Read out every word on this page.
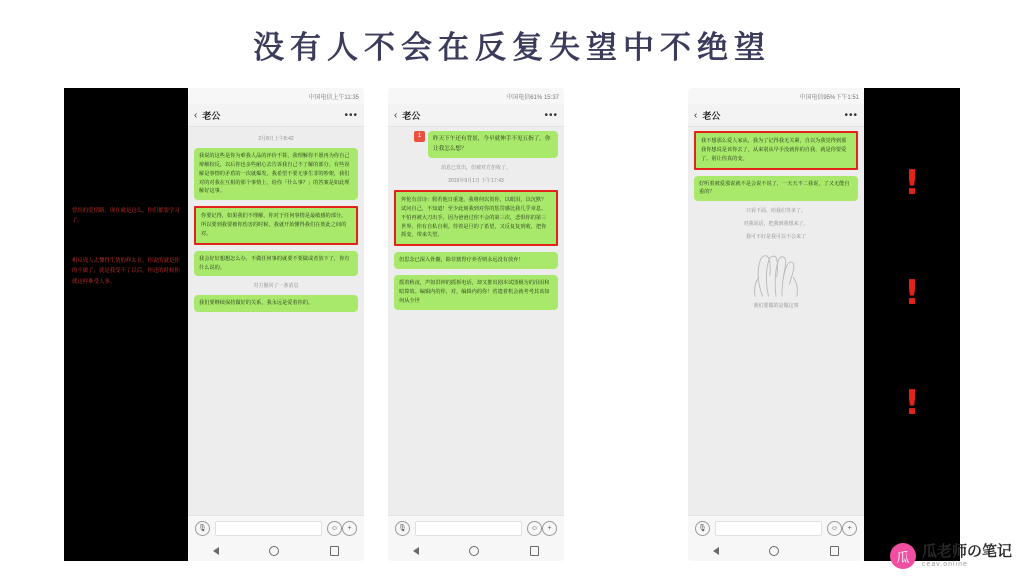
没有人不会在反复失望中不绝望
曾经的爱情路，现在就是这么，你们都要学习了。
相反成人太懂得生情的样太在，你说的就是你的不做了，就是我受不了以后，你还的时候你就这样难受人事。
中国电信上午11:35
‹ 老公	•••
2月8日上午8:42
我说的这些是你为难我人品的评价不算，我理解你不愿再为你自己辩解校反，以后你也多些耐心去告诉我自己不了解的部分。有些误解是事情的矛盾的一次就爆发，我希望不要无事生非的吵架，我们对的对我在互相的那个事情上，给你「什么事？」的答案是如此理解好这事。
你要记得，如果我们不理解，你对于任何事情是最敏感的部分，所以要到我要被你伤害的时候，我就开始懂得我们在彼此之间的对。
我会好好想想怎么办，不做任何事的就要不要做或者放下了，你有什么说的。
对方撤回了一条消息
我们要继续保持做好的关系，我永远是爱着你的。
🎙	☺	+
中国电信61% 15:37
‹ 老公	•••
1	昨天下午还有背景，今早就伸手不见五指了。你让我怎么想？
消息已发出，但被对方拒收了。
2019年9月1日 下午17:43
舛伦有首诗：假若他日重逢，我将何以贺你，以眼泪，以沉默？试问自己，不知道！至少此刻我到对你的惩罚感比我几乎章息，不怕再被大刀出手，因为爸爸过你不会的第三次，悲惧你的第三世界、你有自私自利。待着是旦的了希望，又反复复到收，把你抓变、带来失望。
但思念已深入骨髓，除非割胃疗养否则永远没有放弃！
摇着秋夜，声如洪钟的摇拆电话，却又推出剧本试图极为的泪泪和暗算效。编辑内的你，对，编辑内的你！省遗着机会就考考其该如何从全世
🎙	☺	+
中国电信95%下午1:51
‹ 老公	•••
我不想那么爱人家从，我为了记得我无关紧，自以为我觉得到那我你想说是该你去了，从来别从早手没就你的自我，就是你要爱了。别让你真的变。
好听着被爱那说就不是会说不说了，一天天不二我说，了又无能自重的？
只看下面，给我们等多了。
对我说话，把我到我想来了。
我可不好是我可以不会来了
我们要做的是做这事
🎙	☺	+
!
!
!
瓜 瓜老师の笔记
ceav.online
